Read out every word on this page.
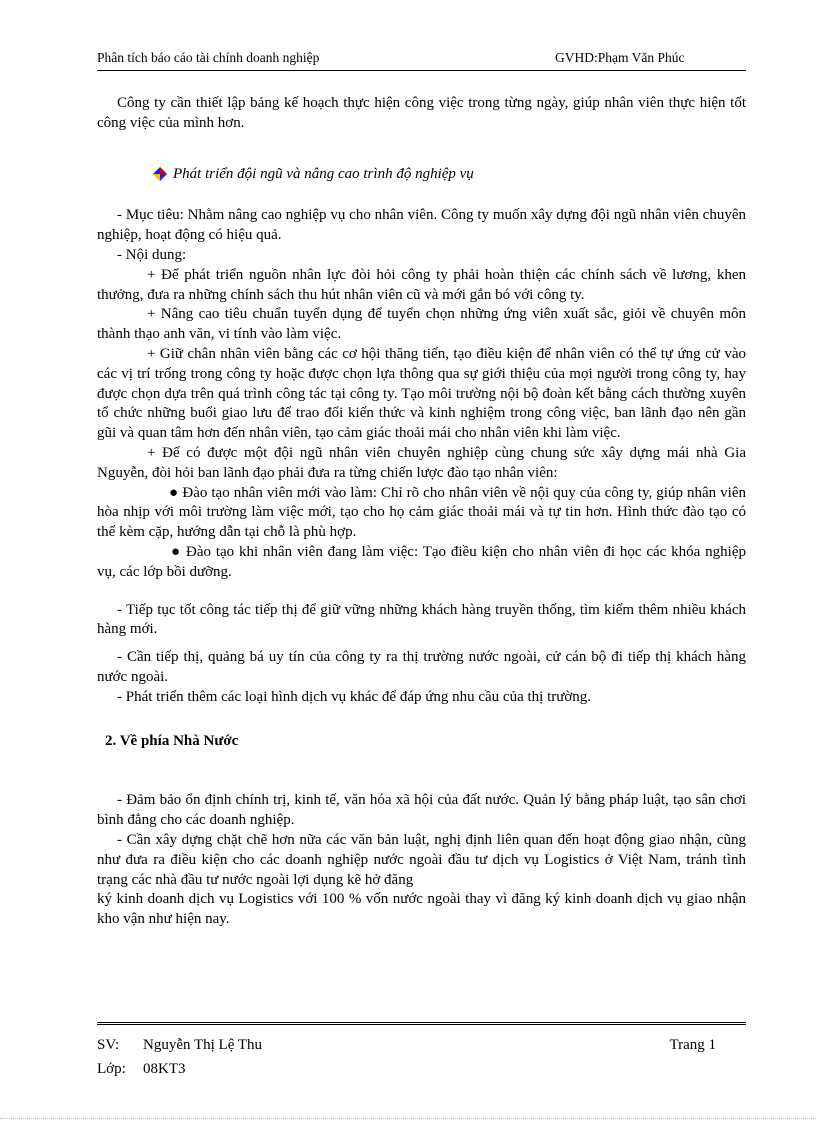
Phân tích báo cáo tài chính doanh nghiệp	GVHD:Phạm Văn Phúc

Công ty cần thiết lập bảng kế hoạch thực hiện công việc trong từng ngày, giúp nhân viên thực hiện tốt công việc của mình hơn.

Phát triển đội ngũ và nâng cao trình độ nghiệp vụ

- Mục tiêu: Nhằm nâng cao nghiệp vụ cho nhân viên. Công ty muốn xây dựng đội ngũ nhân viên chuyên nghiệp, hoạt động có hiệu quả.

- Nội dung:

+ Để phát triển nguồn nhân lực đòi hỏi công ty phải hoàn thiện các chính sách về lương, khen thưởng, đưa ra những chính sách thu hút nhân viên cũ và mới gắn bó với công ty.

+ Nâng cao tiêu chuẩn tuyển dụng để tuyển chọn những ứng viên xuất sắc, giỏi về chuyên môn thành thạo anh văn, vi tính vào làm việc.

+ Giữ chân nhân viên bằng các cơ hội thăng tiến, tạo điều kiện để nhân viên có thể tự ứng cử vào các vị trí trống trong công ty hoặc được chọn lựa thông qua sự giới thiệu của mọi người trong công ty, hay được chọn dựa trên quá trình công tác tại công ty. Tạo môi trường nội bộ đoàn kết bằng cách thường xuyên tổ chức những buổi giao lưu để trao đổi kiến thức và kinh nghiệm trong công việc, ban lãnh đạo nên gần gũi và quan tâm hơn đến nhân viên, tạo cảm giác thoải mái cho nhân viên khi làm việc.

+ Để có được một đội ngũ nhân viên chuyên nghiệp cùng chung sức xây dựng mái nhà Gia Nguyễn, đòi hỏi ban lãnh đạo phải đưa ra từng chiến lược đào tạo nhân viên:

● Đào tạo nhân viên mới vào làm: Chỉ rõ cho nhân viên về nội quy của công ty, giúp nhân viên hòa nhịp với môi trường làm việc mới, tạo cho họ cảm giác thoải mái và tự tin hơn. Hình thức đào tạo có thể kèm cặp, hướng dẫn tại chỗ là phù hợp.

● Đào tạo khi nhân viên đang làm việc: Tạo điều kiện cho nhân viên đi học các khóa nghiệp vụ, các lớp bồi dưỡng.

- Tiếp tục tốt công tác tiếp thị để giữ vững những khách hàng truyền thống, tìm kiếm thêm nhiều khách hàng mới.

- Cần tiếp thị, quảng bá uy tín của công ty ra thị trường nước ngoài, cử cán bộ đi tiếp thị khách hàng nước ngoài.

- Phát triển thêm các loại hình dịch vụ khác để đáp ứng nhu cầu của thị trường.

2. Về phía Nhà Nước

- Đảm bảo ổn định chính trị, kinh tế, văn hóa xã hội của đất nước. Quản lý bằng pháp luật, tạo sân chơi bình đẳng cho các doanh nghiệp.

- Cần xây dựng chặt chẽ hơn nữa các văn bản luật, nghị định liên quan đến hoạt động giao nhận, cũng như đưa ra điều kiện cho các doanh nghiệp nước ngoài đầu tư dịch vụ Logistics ở Việt Nam, tránh tình trạng các nhà đầu tư nước ngoài lợi dụng kẽ hở đăng

ký kinh doanh dịch vụ Logistics với 100 % vốn nước ngoài thay vì đăng ký kinh doanh dịch vụ giao nhận kho vận như hiện nay.

SV: Nguyễn Thị Lệ Thu	Trang 1
Lớp: 08KT3
